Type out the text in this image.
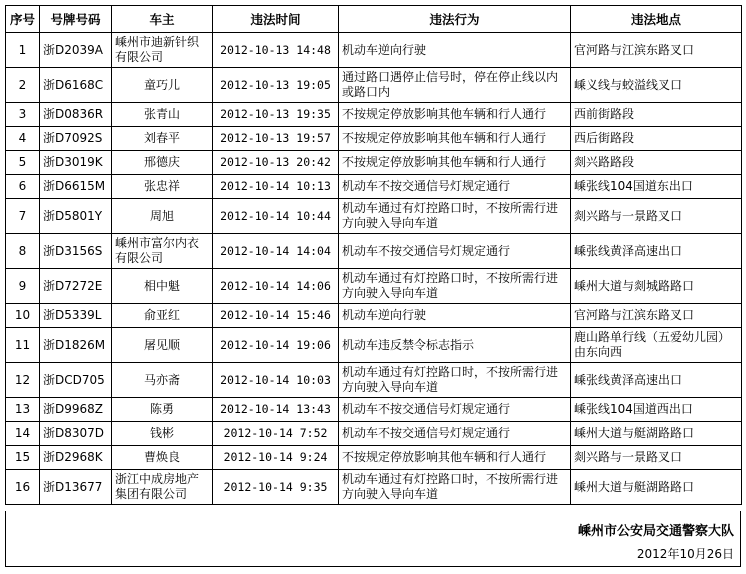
序号	号牌号码	车主	违法时间	违法行为	违法地点
1	浙D2039A	嵊州市迪新针织有限公司	2012-10-13 14:48	机动车逆向行驶	官河路与江滨东路叉口
2	浙D6168C	童巧儿	2012-10-13 19:05	通过路口遇停止信号时，停在停止线以内或路口内	嵊义线与蛟溢线叉口
3	浙D0836R	张青山	2012-10-13 19:35	不按规定停放影响其他车辆和行人通行	西前街路段
4	浙D7092S	刘春平	2012-10-13 19:57	不按规定停放影响其他车辆和行人通行	西后街路段
5	浙D3019K	邢德庆	2012-10-13 20:42	不按规定停放影响其他车辆和行人通行	剡兴路路段
6	浙D6615M	张忠祥	2012-10-14 10:13	机动车不按交通信号灯规定通行	嵊张线104国道东出口
7	浙D5801Y	周旭	2012-10-14 10:44	机动车通过有灯控路口时，不按所需行进方向驶入导向车道	剡兴路与一景路叉口
8	浙D3156S	嵊州市富尔内衣有限公司	2012-10-14 14:04	机动车不按交通信号灯规定通行	嵊张线黄泽高速出口
9	浙D7272E	相中魁	2012-10-14 14:06	机动车通过有灯控路口时，不按所需行进方向驶入导向车道	嵊州大道与剡城路路口
10	浙D5339L	俞亚红	2012-10-14 15:46	机动车逆向行驶	官河路与江滨东路叉口
11	浙D1826M	屠见顺	2012-10-14 19:06	机动车违反禁令标志指示	鹿山路单行线（五爱幼儿园）由东向西
12	浙DCD705	马亦斋	2012-10-14 10:03	机动车通过有灯控路口时，不按所需行进方向驶入导向车道	嵊张线黄泽高速出口
13	浙D9968Z	陈勇	2012-10-14 13:43	机动车不按交通信号灯规定通行	嵊张线104国道西出口
14	浙D8307D	钱彬	2012-10-14 7:52	机动车不按交通信号灯规定通行	嵊州大道与艇湖路路口
15	浙D2968K	曹焕良	2012-10-14 9:24	不按规定停放影响其他车辆和行人通行	剡兴路与一景路叉口
16	浙D13677	浙江中成房地产集团有限公司	2012-10-14 9:35	机动车通过有灯控路口时，不按所需行进方向驶入导向车道	嵊州大道与艇湖路路口
嵊州市公安局交通警察大队
2012年10月26日
